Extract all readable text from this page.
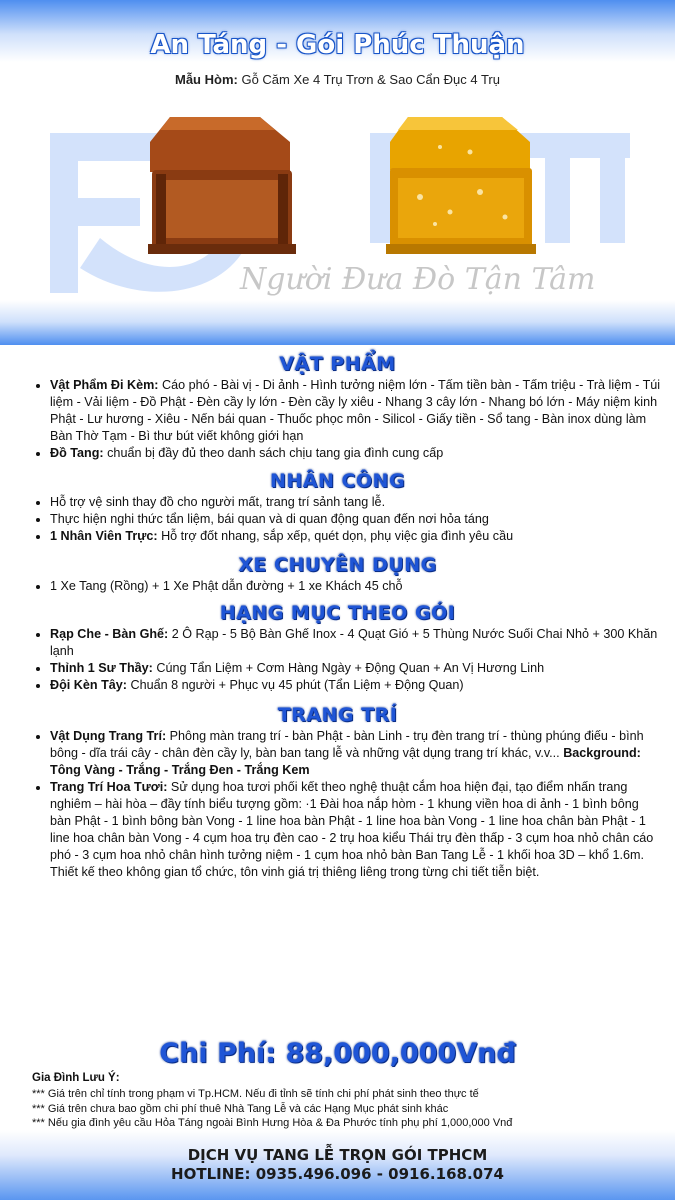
An Táng - Gói Phúc Thuận
Mẫu Hòm: Gỗ Căm Xe 4 Trụ Trơn & Sao Cẩn Đục 4 Trụ
Người Đưa Đò Tận Tâm
VẬT PHẨM
• Vật Phẩm Đi Kèm: Cáo phó - Bài vị - Di ảnh - Hình tưởng niệm lớn - Tấm tiền bàn - Tấm triệu - Trà liệm - Túi liệm - Vải liệm - Đồ Phật - Đèn cầy ly lớn - Đèn cầy ly xiêu - Nhang 3 cây lớn - Nhang bó lớn - Máy niệm kinh Phật - Lư hương - Xiêu - Nến bái quan - Thuốc phọc môn - Silicol - Giấy tiền - Sổ tang - Bàn inox dùng làm Bàn Thờ Tạm - Bì thư bút viết không giới hạn
• Đồ Tang: chuẩn bị đầy đủ theo danh sách chịu tang gia đình cung cấp
NHÂN CÔNG
• Hỗ trợ vệ sinh thay đồ cho người mất, trang trí sảnh tang lễ.
• Thực hiện nghi thức tẩn liệm, bái quan và di quan động quan đến nơi hỏa táng
• 1 Nhân Viên Trực: Hỗ trợ đốt nhang, sắp xếp, quét dọn, phụ việc gia đình yêu cầu
XE CHUYÊN DỤNG
• 1 Xe Tang (Rồng) + 1 Xe Phật dẫn đường + 1 xe Khách 45 chỗ
HẠNG MỤC THEO GÓI
• Rạp Che - Bàn Ghế: 2 Ô Rạp - 5 Bộ Bàn Ghế Inox - 4 Quạt Gió + 5 Thùng Nước Suối Chai Nhỏ + 300 Khăn lạnh
• Thỉnh 1 Sư Thầy: Cúng Tẩn Liệm + Cơm Hàng Ngày + Động Quan + An Vị Hương Linh
• Đội Kèn Tây: Chuẩn 8 người + Phục vụ 45 phút (Tẩn Liệm + Động Quan)
TRANG TRÍ
• Vật Dụng Trang Trí: Phông màn trang trí - bàn Phật - bàn Linh - trụ đèn trang trí - thùng phúng điếu - bình bông - dĩa trái cây - chân đèn cầy ly, bàn ban tang lễ và những vật dụng trang trí khác, v.v... Background: Tông Vàng - Trắng - Trắng Đen - Trắng Kem
• Trang Trí Hoa Tươi: Sử dụng hoa tươi phối kết theo nghệ thuật cắm hoa hiện đại, tạo điểm nhấn trang nghiêm – hài hòa – đầy tính biểu tượng gồm: ·1 Đài hoa nắp hòm - 1 khung viền hoa di ảnh - 1 bình bông bàn Phật - 1 bình bông bàn Vong - 1 line hoa bàn Phật - 1 line hoa bàn Vong - 1 line hoa chân bàn Phật - 1 line hoa chân bàn Vong - 4 cụm hoa trụ đèn cao - 2 trụ hoa kiểu Thái trụ đèn thấp - 3 cụm hoa nhỏ chân cáo phó - 3 cụm hoa nhỏ chân hình tưởng niệm - 1 cụm hoa nhỏ bàn Ban Tang Lễ - 1 khối hoa 3D – khổ 1.6m. Thiết kế theo không gian tổ chức, tôn vinh giá trị thiêng liêng trong từng chi tiết tiễn biệt.
Chi Phí: 88,000,000Vnđ
Gia Đình Lưu Ý:
*** Giá trên chỉ tính trong phạm vi Tp.HCM. Nếu đi tỉnh sẽ tính chi phí phát sinh theo thực tế
*** Giá trên chưa bao gồm chi phí thuê Nhà Tang Lễ và các Hạng Mục phát sinh khác
*** Nếu gia đình yêu cầu Hỏa Táng ngoài Bình Hưng Hòa & Đa Phước tính phụ phí 1,000,000 Vnđ
DỊCH VỤ TANG LỄ TRỌN GÓI TPHCM
HOTLINE: 0935.496.096 - 0916.168.074
